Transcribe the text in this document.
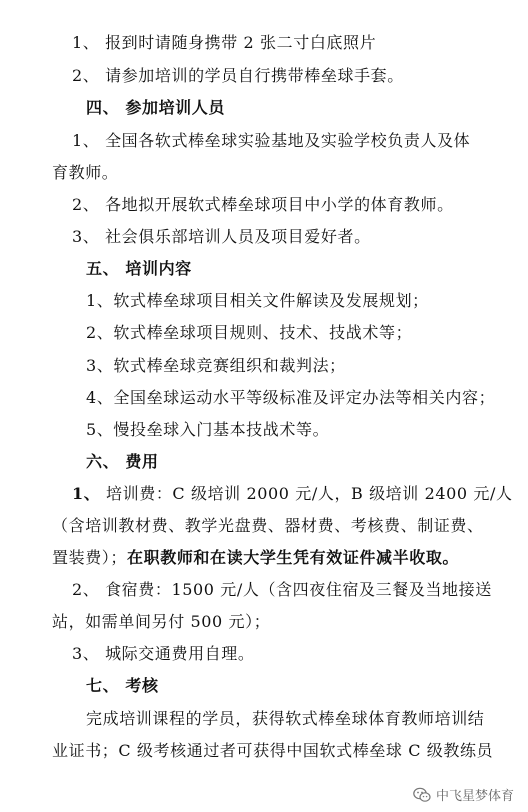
1、 报到时请随身携带 2 张二寸白底照片
2、 请参加培训的学员自行携带棒垒球手套。
四、 参加培训人员
1、 全国各软式棒垒球实验基地及实验学校负责人及体
育教师。
2、 各地拟开展软式棒垒球项目中小学的体育教师。
3、 社会俱乐部培训人员及项目爱好者。
五、 培训内容
1、软式棒垒球项目相关文件解读及发展规划；
2、软式棒垒球项目规则、技术、技战术等；
3、软式棒垒球竞赛组织和裁判法；
4、全国垒球运动水平等级标准及评定办法等相关内容；
5、慢投垒球入门基本技战术等。
六、 费用
1、 培训费：C 级培训 2000 元/人，B 级培训 2400 元/人
（含培训教材费、教学光盘费、器材费、考核费、制证费、
置装费）；在职教师和在读大学生凭有效证件减半收取。
2、 食宿费：1500 元/人（含四夜住宿及三餐及当地接送
站，如需单间另付 500 元）；
3、 城际交通费用自理。
七、 考核
完成培训课程的学员，获得软式棒垒球体育教师培训结
业证书；C 级考核通过者可获得中国软式棒垒球 C 级教练员
中飞星梦体育
